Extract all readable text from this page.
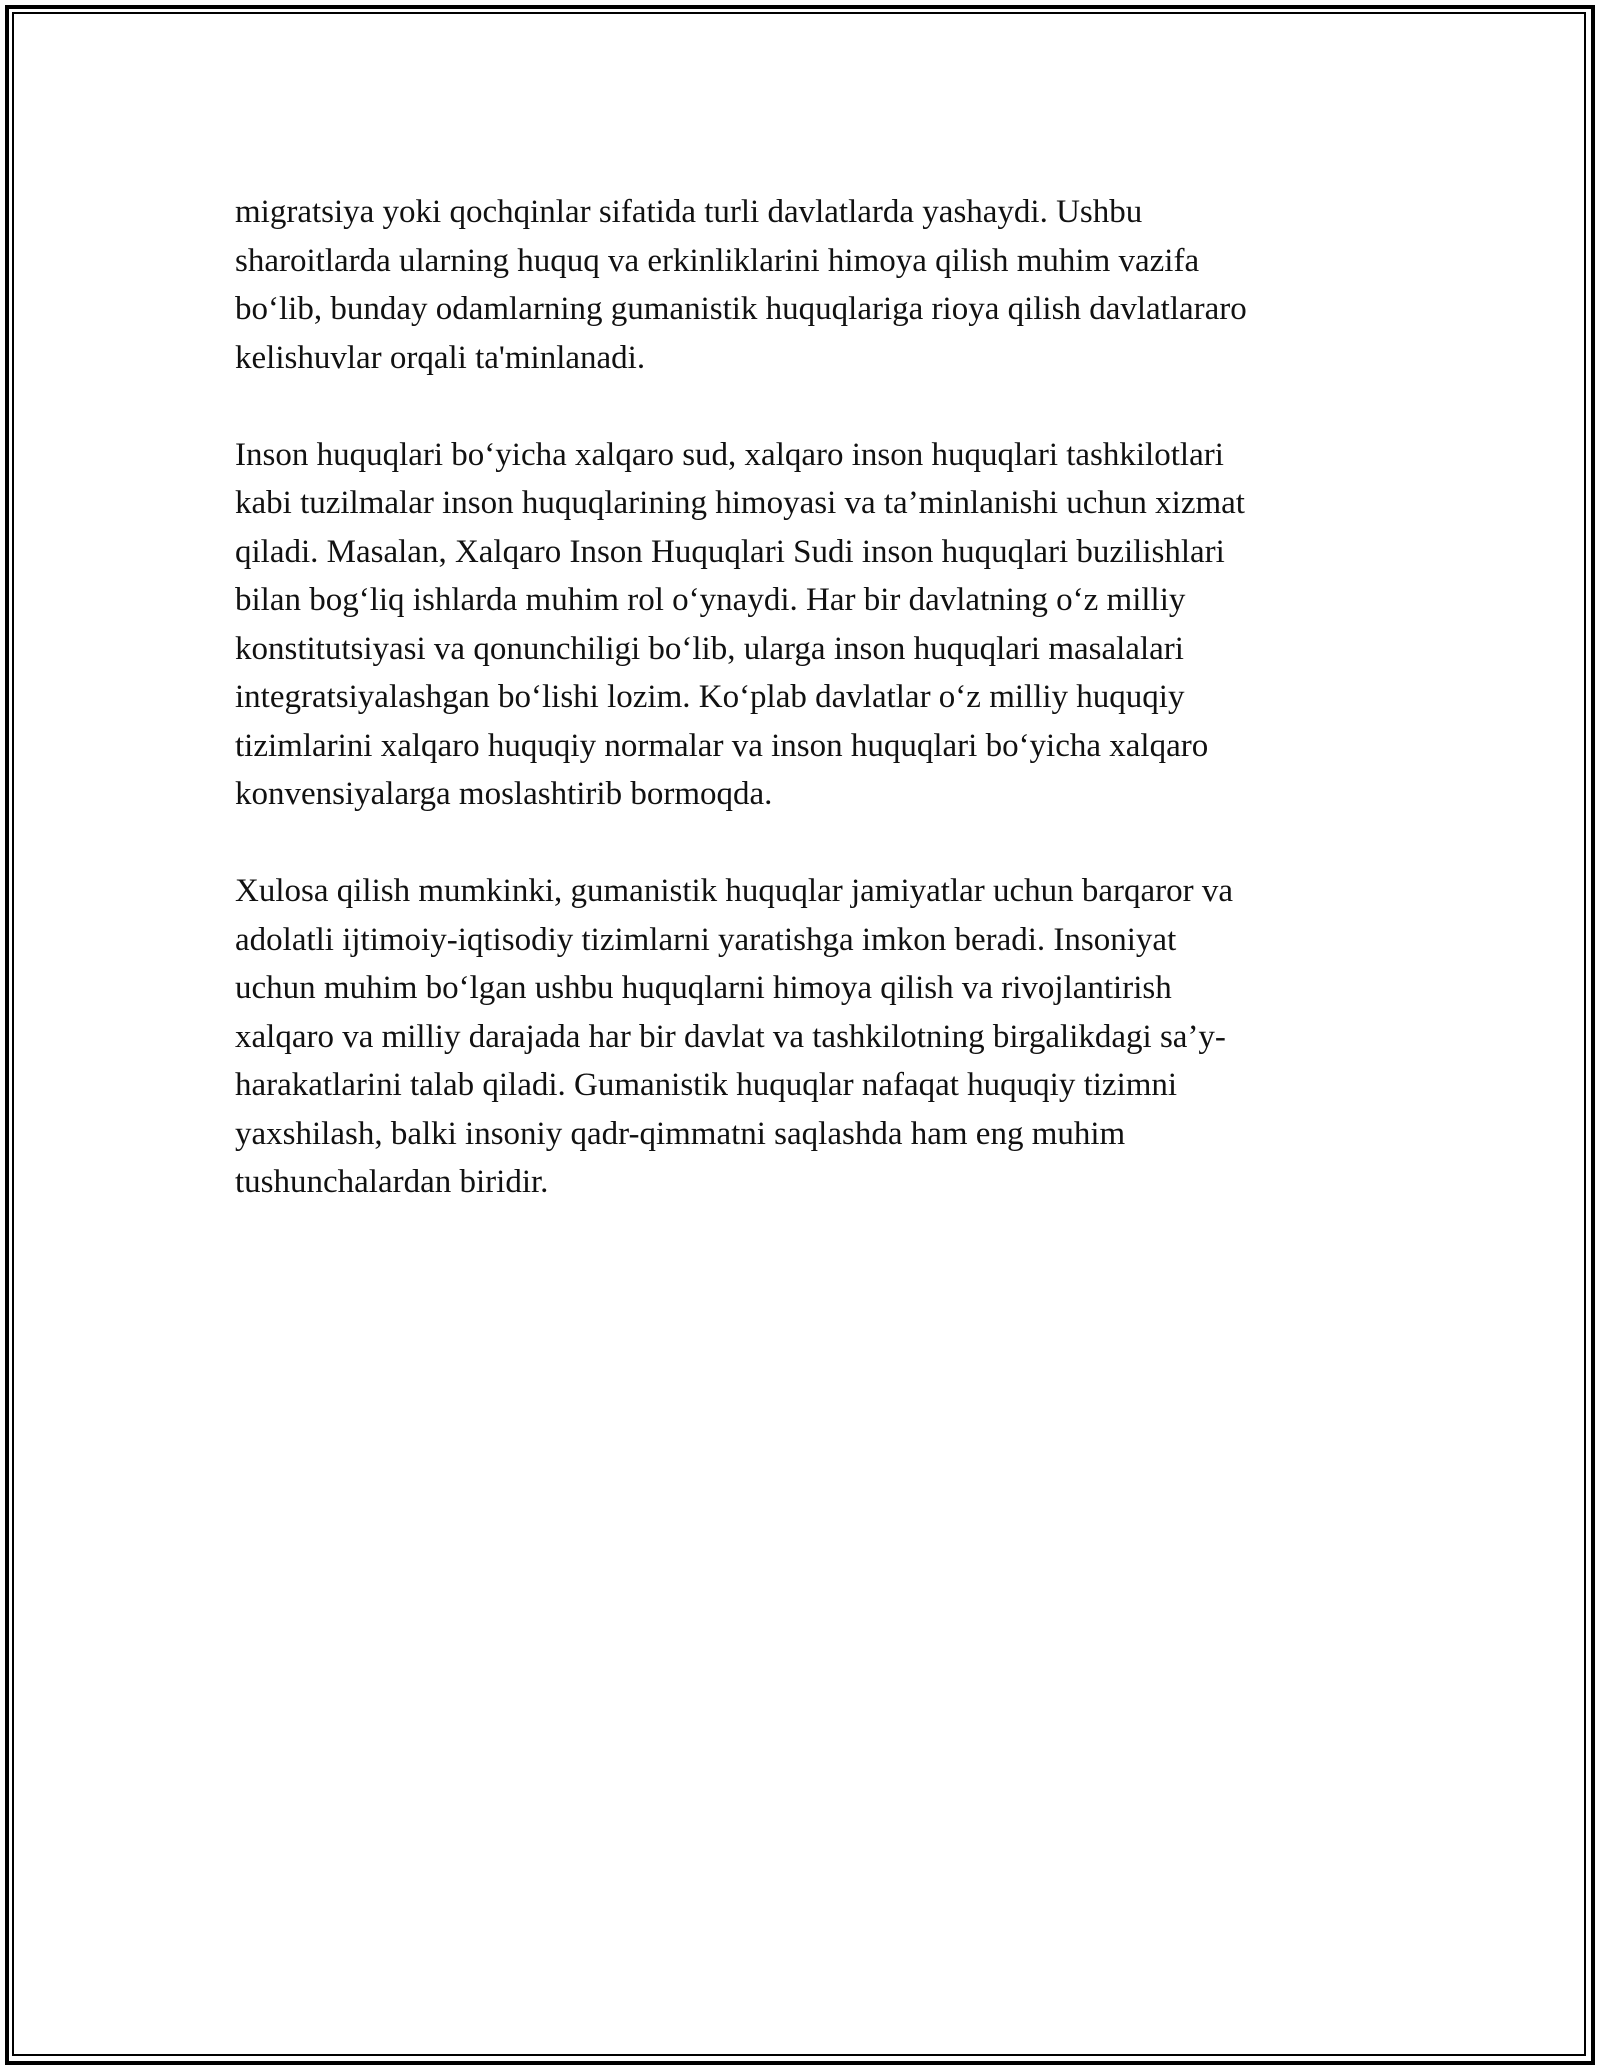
migratsiya yoki qochqinlar sifatida turli davlatlarda yashaydi. Ushbu
sharoitlarda ularning huquq va erkinliklarini himoya qilish muhim vazifa
bo‘lib, bunday odamlarning gumanistik huquqlariga rioya qilish davlatlararo
kelishuvlar orqali ta'minlanadi.

Inson huquqlari bo‘yicha xalqaro sud, xalqaro inson huquqlari tashkilotlari
kabi tuzilmalar inson huquqlarining himoyasi va ta’minlanishi uchun xizmat
qiladi. Masalan, Xalqaro Inson Huquqlari Sudi inson huquqlari buzilishlari
bilan bog‘liq ishlarda muhim rol o‘ynaydi. Har bir davlatning o‘z milliy
konstitutsiyasi va qonunchiligi bo‘lib, ularga inson huquqlari masalalari
integratsiyalashgan bo‘lishi lozim. Ko‘plab davlatlar o‘z milliy huquqiy
tizimlarini xalqaro huquqiy normalar va inson huquqlari bo‘yicha xalqaro
konvensiyalarga moslashtirib bormoqda.

Xulosa qilish mumkinki, gumanistik huquqlar jamiyatlar uchun barqaror va
adolatli ijtimoiy-iqtisodiy tizimlarni yaratishga imkon beradi. Insoniyat
uchun muhim bo‘lgan ushbu huquqlarni himoya qilish va rivojlantirish
xalqaro va milliy darajada har bir davlat va tashkilotning birgalikdagi sa’y-
harakatlarini talab qiladi. Gumanistik huquqlar nafaqat huquqiy tizimni
yaxshilash, balki insoniy qadr-qimmatni saqlashda ham eng muhim
tushunchalardan biridir.
